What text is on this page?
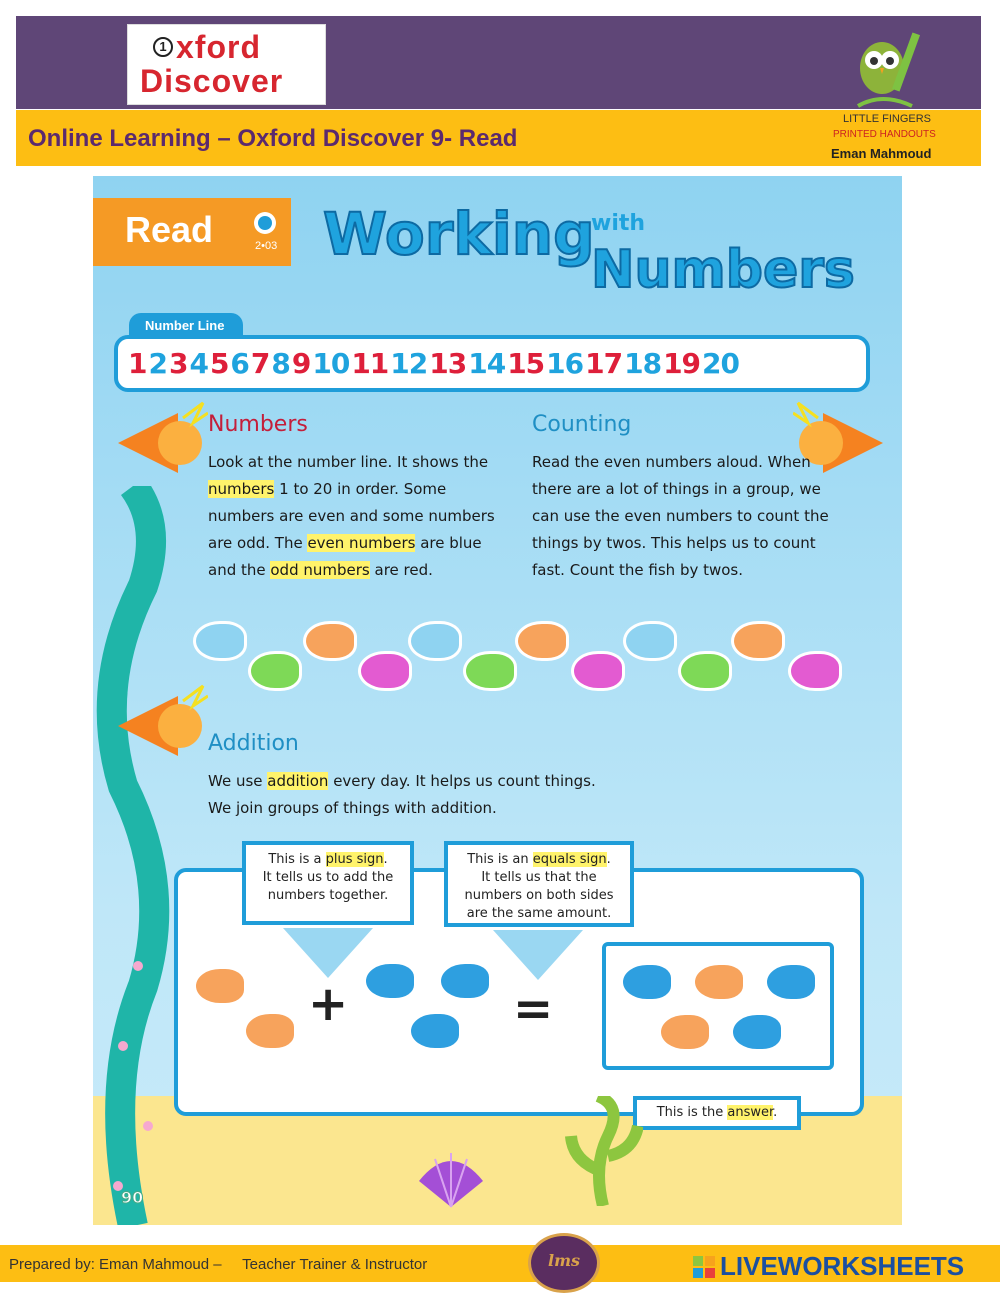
1 xford
Discover
Online Learning – Oxford Discover 9- Read
LITTLE FINGERS
PRINTED HANDOUTS
Eman Mahmoud
Read	2•03 Working
with
Numbers
Number Line
1 2 3 4 5 6 7 8 9 10 11 12 13 14 15 16 17 18 19 20
Numbers
Look at the number line. It shows the numbers 1 to 20 in order. Some numbers are even and some numbers are odd. The even numbers are blue and the odd numbers are red.
Counting
Read the even numbers aloud. When there are a lot of things in a group, we can use the even numbers to count the things by twos. This helps us to count fast. Count the fish by twos.
Addition
We use addition every day. It helps us count things.
We join groups of things with addition.
This is a plus sign.
It tells us to add the numbers together.
This is an equals sign.
It tells us that the numbers on both sides are the same amount.
+	=
This is the answer.
90
Prepared by: Eman Mahmoud –     Teacher Trainer & Instructor	lms	LIVEWORKSHEETS
